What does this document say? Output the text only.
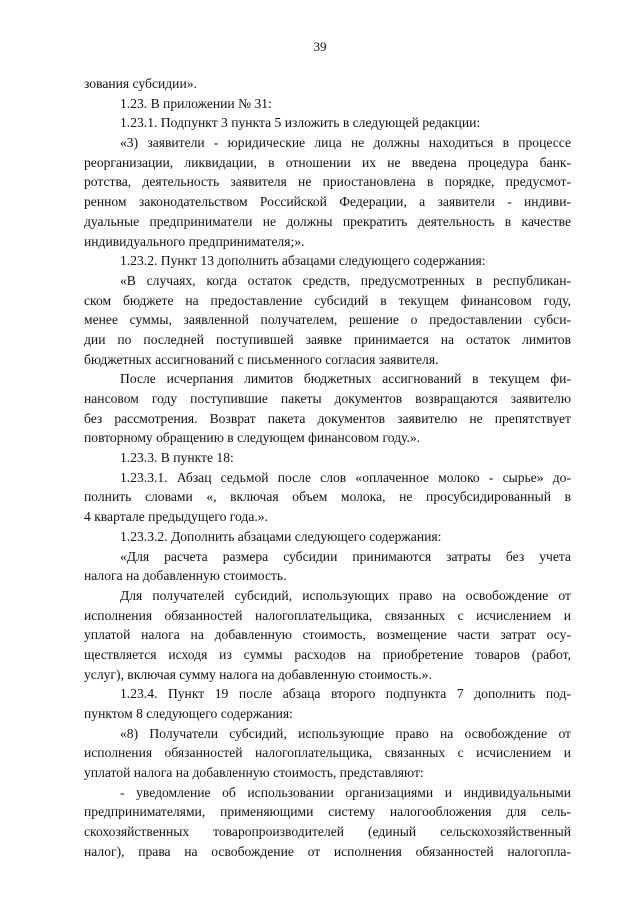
39
зования субсидии».
1.23. В приложении № 31:
1.23.1. Подпункт 3 пункта 5 изложить в следующей редакции:
«3) заявители - юридические лица не должны находиться в процессе
реорганизации, ликвидации, в отношении их не введена процедура банк-
ротства, деятельность заявителя не приостановлена в порядке, предусмот-
ренном законодательством Российской Федерации, а заявители - индиви-
дуальные предприниматели не должны прекратить деятельность в качестве
индивидуального предпринимателя;».
1.23.2. Пункт 13 дополнить абзацами следующего содержания:
«В случаях, когда остаток средств, предусмотренных в республикан-
ском бюджете на предоставление субсидий в текущем финансовом году,
менее суммы, заявленной получателем, решение о предоставлении субси-
дии по последней поступившей заявке принимается на остаток лимитов
бюджетных ассигнований с письменного согласия заявителя.
После исчерпания лимитов бюджетных ассигнований в текущем фи-
нансовом году поступившие пакеты документов возвращаются заявителю
без рассмотрения. Возврат пакета документов заявителю не препятствует
повторному обращению в следующем финансовом году.».
1.23.3. В пункте 18:
1.23.3.1. Абзац седьмой после слов «оплаченное молоко - сырье» до-
полнить словами «, включая объем молока, не просубсидированный в
4 квартале предыдущего года.».
1.23.3.2. Дополнить абзацами следующего содержания:
«Для расчета размера субсидии принимаются затраты без учета
налога на добавленную стоимость.
Для получателей субсидий, использующих право на освобождение от
исполнения обязанностей налогоплательщика, связанных с исчислением и
уплатой налога на добавленную стоимость, возмещение части затрат осу-
ществляется исходя из суммы расходов на приобретение товаров (работ,
услуг), включая сумму налога на добавленную стоимость.».
1.23.4. Пункт 19 после абзаца второго подпункта 7 дополнить под-
пунктом 8 следующего содержания:
«8) Получатели субсидий, использующие право на освобождение от
исполнения обязанностей налогоплательщика, связанных с исчислением и
уплатой налога на добавленную стоимость, представляют:
- уведомление об использовании организациями и индивидуальными
предпринимателями, применяющими систему налогообложения для сель-
скохозяйственных товаропроизводителей (единый сельскохозяйственный
налог), права на освобождение от исполнения обязанностей налогопла-
